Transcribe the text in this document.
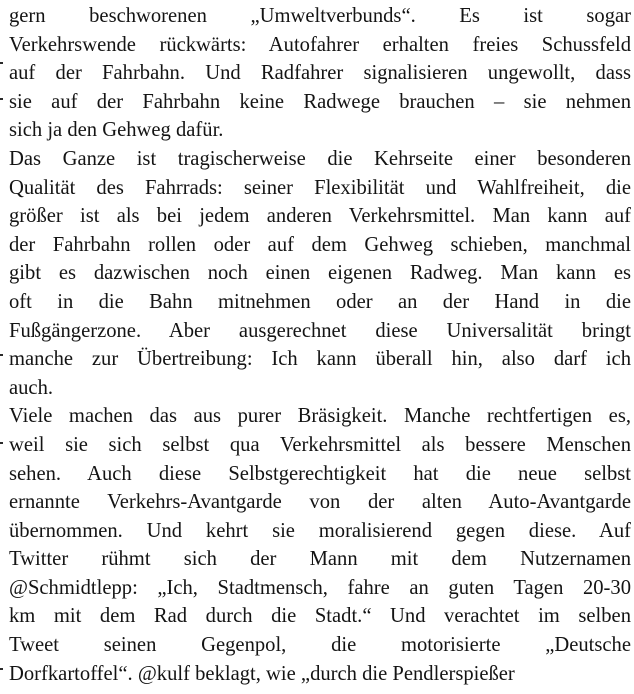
gern beschworenen „Umweltverbunds“. Es ist sogar
Verkehrswende rückwärts: Autofahrer erhalten freies Schussfeld
auf der Fahrbahn. Und Radfahrer signalisieren ungewollt, dass
sie auf der Fahrbahn keine Radwege brauchen – sie nehmen
sich ja den Gehweg dafür.
Das Ganze ist tragischerweise die Kehrseite einer besonderen
Qualität des Fahrrads: seiner Flexibilität und Wahlfreiheit, die
größer ist als bei jedem anderen Verkehrsmittel. Man kann auf
der Fahrbahn rollen oder auf dem Gehweg schieben, manchmal
gibt es dazwischen noch einen eigenen Radweg. Man kann es
oft in die Bahn mitnehmen oder an der Hand in die
Fußgängerzone. Aber ausgerechnet diese Universalität bringt
manche zur Übertreibung: Ich kann überall hin, also darf ich
auch.
Viele machen das aus purer Bräsigkeit. Manche rechtfertigen es,
weil sie sich selbst qua Verkehrsmittel als bessere Menschen
sehen. Auch diese Selbstgerechtigkeit hat die neue selbst
ernannte Verkehrs-Avantgarde von der alten Auto-Avantgarde
übernommen. Und kehrt sie moralisierend gegen diese. Auf
Twitter rühmt sich der Mann mit dem Nutzernamen
@Schmidtlepp: „Ich, Stadtmensch, fahre an guten Tagen 20-30
km mit dem Rad durch die Stadt.“ Und verachtet im selben
Tweet seinen Gegenpol, die motorisierte „Deutsche
Dorfkartoffel“. @kulf beklagt, wie „durch die Pendlerspießer
